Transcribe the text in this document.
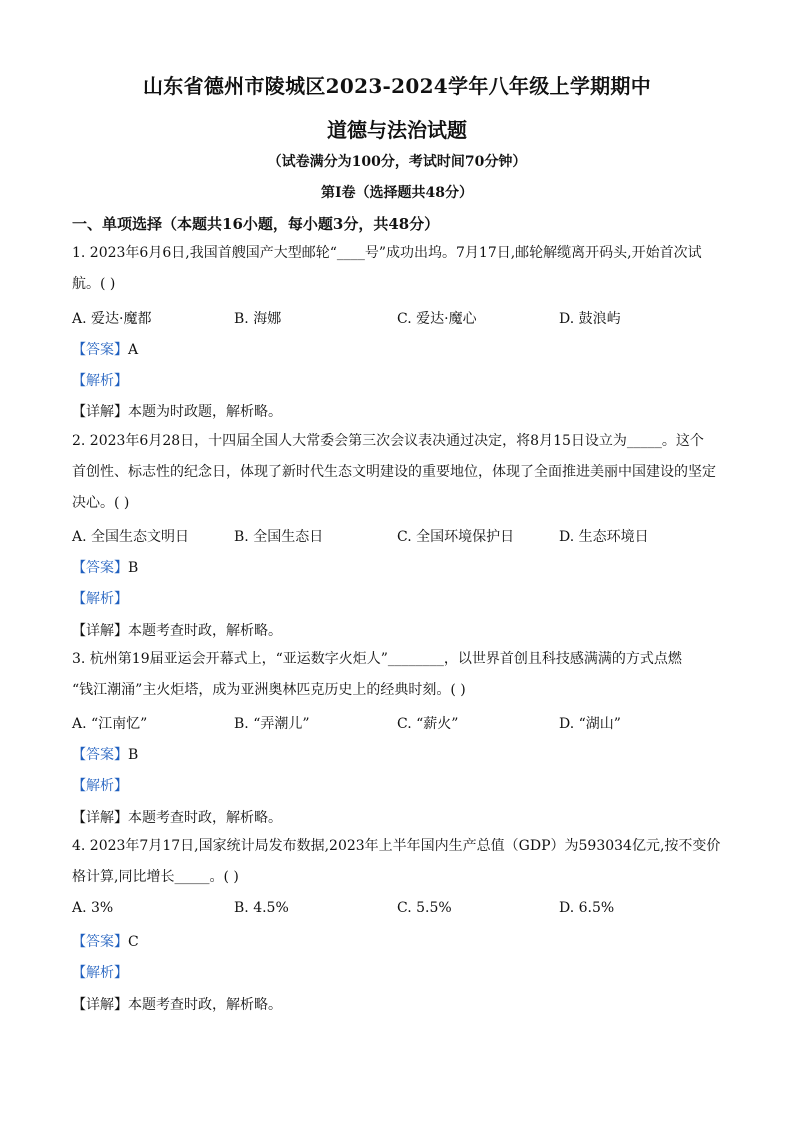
山东省德州市陵城区2023-2024学年八年级上学期期中
道德与法治试题
（试卷满分为100分，考试时间70分钟）
第Ⅰ卷（选择题共48分）
一、单项选择（本题共16小题，每小题3分，共48分）
1. 2023年6月6日,我国首艘国产大型邮轮“____号”成功出坞。7月17日,邮轮解缆离开码头,开始首次试
航。( )
A. 爱达·魔都	B. 海娜	C. 爱达·魔心	D. 鼓浪屿
【答案】A
【解析】
【详解】本题为时政题，解析略。
2. 2023年6月28日，十四届全国人大常委会第三次会议表决通过决定，将8月15日设立为_____。这个
首创性、标志性的纪念日，体现了新时代生态文明建设的重要地位，体现了全面推进美丽中国建设的坚定
决心。( )
A. 全国生态文明日	B. 全国生态日	C. 全国环境保护日	D. 生态环境日
【答案】B
【解析】
【详解】本题考查时政，解析略。
3. 杭州第19届亚运会开幕式上，“亚运数字火炬人”________，以世界首创且科技感满满的方式点燃
“钱江潮涌”主火炬塔，成为亚洲奥林匹克历史上的经典时刻。( )
A. “江南忆”	B. “弄潮儿”	C. “薪火”	D. “湖山”
【答案】B
【解析】
【详解】本题考查时政，解析略。
4. 2023年7月17日,国家统计局发布数据,2023年上半年国内生产总值（GDP）为593034亿元,按不变价
格计算,同比增长_____。( )
A. 3%	B. 4.5%	C. 5.5%	D. 6.5%
【答案】C
【解析】
【详解】本题考查时政，解析略。
